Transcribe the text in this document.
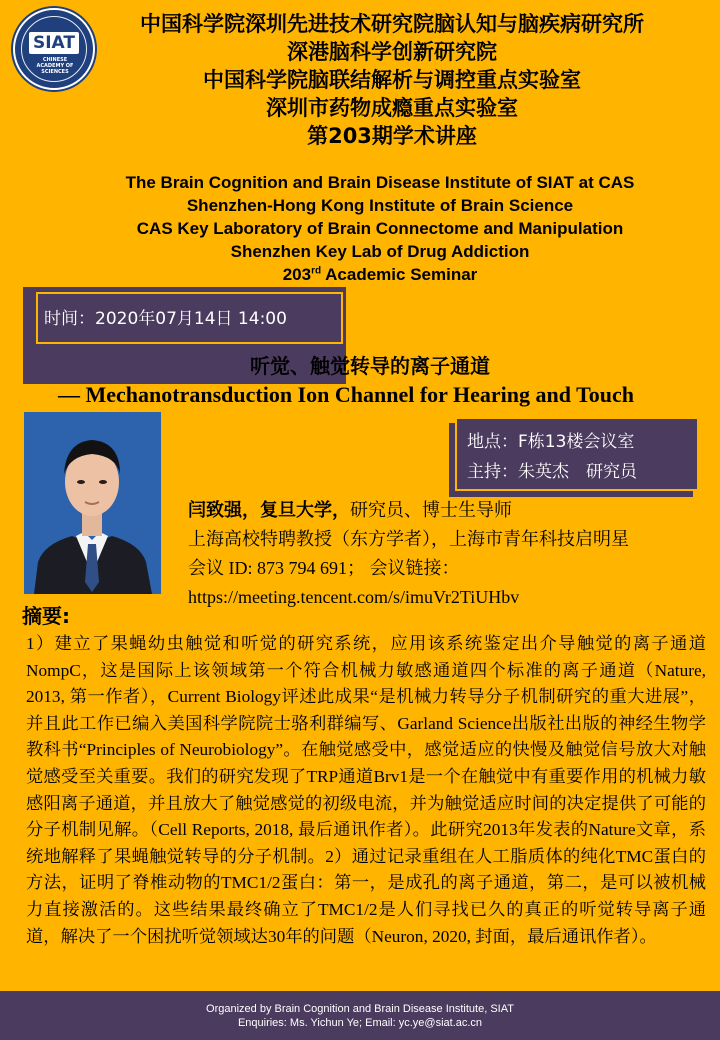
SIAT
CHINESE ACADEMY OF SCIENCES
中国科学院深圳先进技术研究院脑认知与脑疾病研究所
深港脑科学创新研究院
中国科学院脑联结解析与调控重点实验室
深圳市药物成瘾重点实验室
第203期学术讲座
The Brain Cognition and Brain Disease Institute of SIAT at CAS
Shenzhen-Hong Kong Institute of Brain Science
CAS Key Laboratory of Brain Connectome and Manipulation
Shenzhen Key Lab of Drug Addiction
203rd Academic Seminar
时间：2020年07月14日 14:00
听觉、触觉转导的离子通道
— Mechanotransduction Ion Channel for Hearing and Touch
地点：F栋13楼会议室
主持：朱英杰　研究员
闫致强，复旦大学，研究员、博士生导师
上海高校特聘教授（东方学者），上海市青年科技启明星
会议 ID: 873 794 691； 会议链接：
https://meeting.tencent.com/s/imuVr2TiUHbv
摘要:
1）建立了果蝇幼虫触觉和听觉的研究系统，应用该系统鉴定出介导触觉的离子通道NompC，这是国际上该领域第一个符合机械力敏感通道四个标准的离子通道（Nature, 2013, 第一作者），Current Biology评述此成果“是机械力转导分子机制研究的重大进展”，并且此工作已编入美国科学院院士骆利群编写、Garland Science出版社出版的神经生物学教科书“Principles of Neurobiology”。在触觉感受中，感觉适应的快慢及触觉信号放大对触觉感受至关重要。我们的研究发现了TRP通道Brv1是一个在触觉中有重要作用的机械力敏感阳离子通道，并且放大了触觉感觉的初级电流，并为触觉适应时间的决定提供了可能的分子机制见解。（Cell Reports, 2018, 最后通讯作者）。此研究2013年发表的Nature文章，系统地解释了果蝇触觉转导的分子机制。2）通过记录重组在人工脂质体的纯化TMC蛋白的方法，证明了脊椎动物的TMC1/2蛋白：第一，是成孔的离子通道，第二，是可以被机械力直接激活的。这些结果最终确立了TMC1/2是人们寻找已久的真正的听觉转导离子通道，解决了一个困扰听觉领域达30年的问题（Neuron, 2020, 封面，最后通讯作者）。
Organized by Brain Cognition and Brain Disease Institute, SIAT
Enquiries: Ms. Yichun Ye; Email: yc.ye@siat.ac.cn
